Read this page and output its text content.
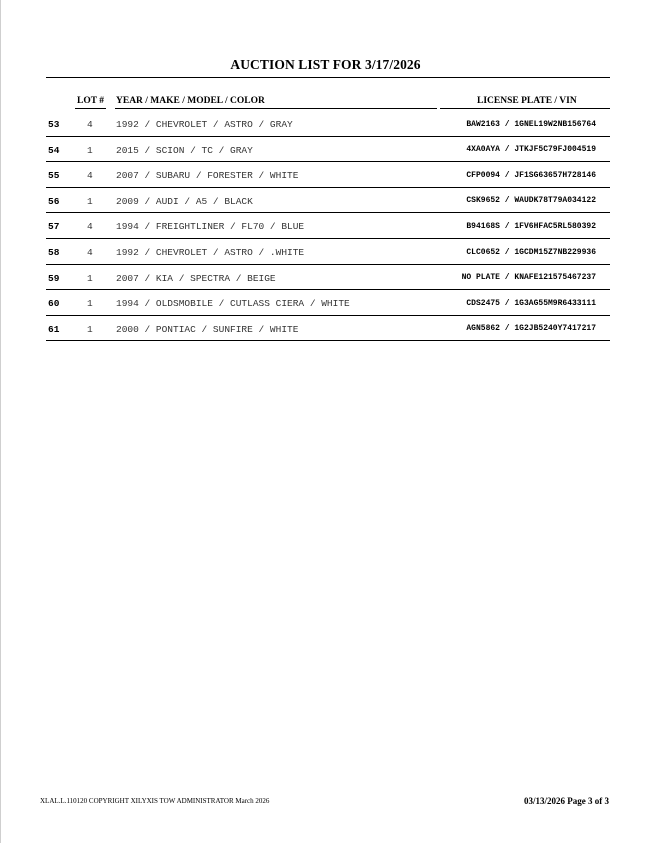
AUCTION LIST FOR 3/17/2026
LOT # YEAR / MAKE / MODEL / COLOR	LICENSE PLATE / VIN
53	4 1992 / CHEVROLET / ASTRO / GRAY	BAW2163 / 1GNEL19W2NB156764
54	1 2015 / SCION / TC / GRAY	4XA0AYA / JTKJF5C79FJ004519
55	4 2007 / SUBARU / FORESTER / WHITE	CFP0094 / JF1SG63657H728146
56	1 2009 / AUDI / A5 / BLACK	CSK9652 / WAUDK78T79A034122
57	4 1994 / FREIGHTLINER / FL70 / BLUE	B94168S / 1FV6HFAC5RL580392
58	4 1992 / CHEVROLET / ASTRO / .WHITE	CLC0652 / 1GCDM15Z7NB229936
59	1 2007 / KIA / SPECTRA / BEIGE	NO PLATE / KNAFE121575467237
60	1 1994 / OLDSMOBILE / CUTLASS CIERA / WHITE	CDS2475 / 1G3AG55M9R6433111
61	1 2000 / PONTIAC / SUNFIRE / WHITE	AGN5862 / 1G2JB5240Y7417217
XLAL.L.110120 COPYRIGHT XILYXIS TOW ADMINISTRATOR March 2026	03/13/2026 Page 3 of 3
